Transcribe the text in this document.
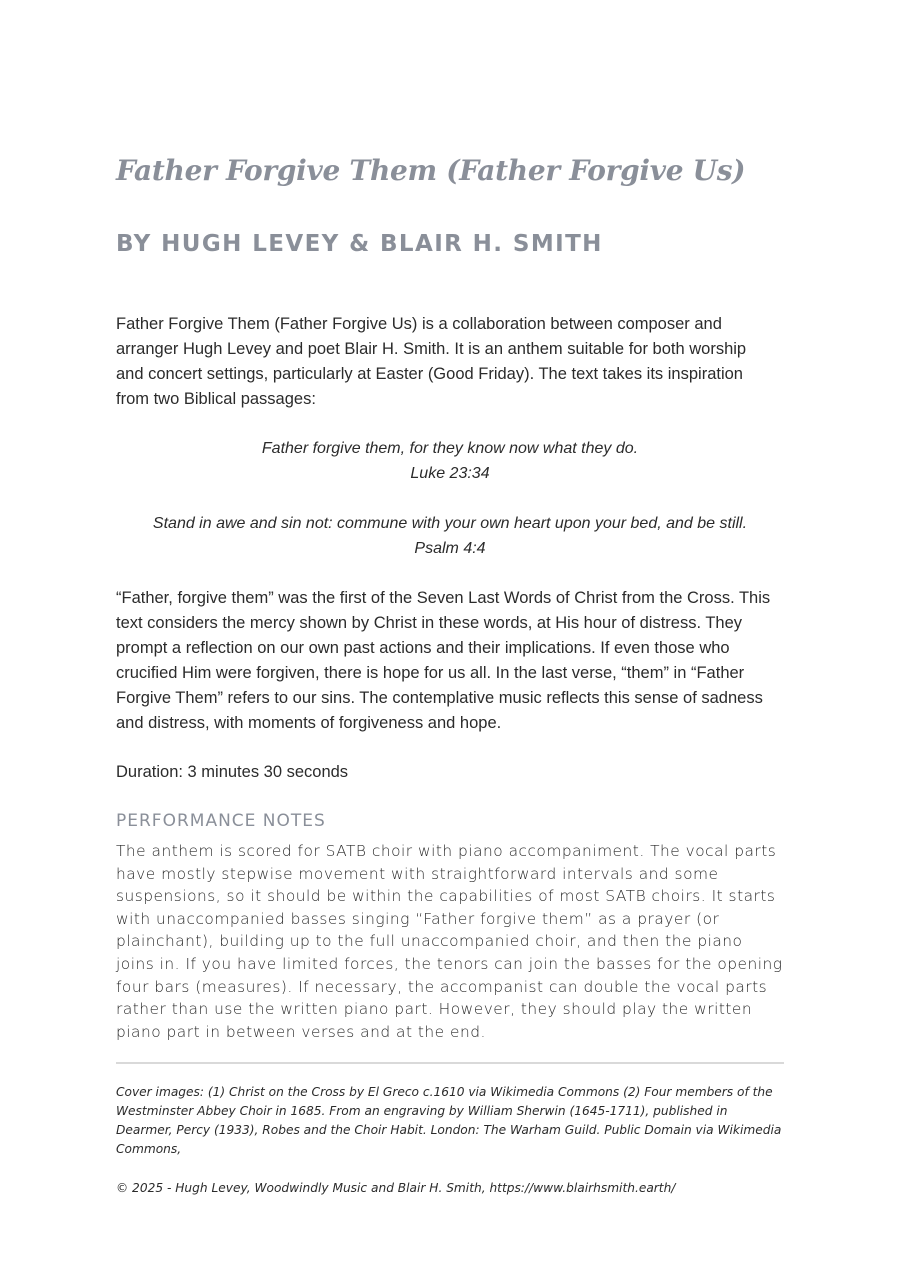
Father Forgive Them (Father Forgive Us)
BY HUGH LEVEY & BLAIR H. SMITH

Father Forgive Them (Father Forgive Us) is a collaboration between composer and arranger Hugh Levey and poet Blair H. Smith. It is an anthem suitable for both worship and concert settings, particularly at Easter (Good Friday). The text takes its inspiration from two Biblical passages:

Father forgive them, for they know now what they do.
Luke 23:34
Stand in awe and sin not: commune with your own heart upon your bed, and be still.
Psalm 4:4

“Father, forgive them” was the first of the Seven Last Words of Christ from the Cross. This text considers the mercy shown by Christ in these words, at His hour of distress. They prompt a reflection on our own past actions and their implications. If even those who crucified Him were forgiven, there is hope for us all. In the last verse, “them” in “Father Forgive Them” refers to our sins. The contemplative music reflects this sense of sadness and distress, with moments of forgiveness and hope.

Duration: 3 minutes 30 seconds

PERFORMANCE NOTES

The anthem is scored for SATB choir with piano accompaniment. The vocal parts have mostly stepwise movement with straightforward intervals and some suspensions, so it should be within the capabilities of most SATB choirs. It starts with unaccompanied basses singing “Father forgive them” as a prayer (or plainchant), building up to the full unaccompanied choir, and then the piano joins in. If you have limited forces, the tenors can join the basses for the opening four bars (measures). If necessary, the accompanist can double the vocal parts rather than use the written piano part. However, they should play the written piano part in between verses and at the end.

Cover images: (1) Christ on the Cross by El Greco c.1610 via Wikimedia Commons (2) Four members of the Westminster Abbey Choir in 1685. From an engraving by William Sherwin (1645-1711), published in Dearmer, Percy (1933), Robes and the Choir Habit. London: The Warham Guild. Public Domain via Wikimedia Commons,

© 2025 - Hugh Levey, Woodwindly Music and Blair H. Smith, https://www.blairhsmith.earth/
